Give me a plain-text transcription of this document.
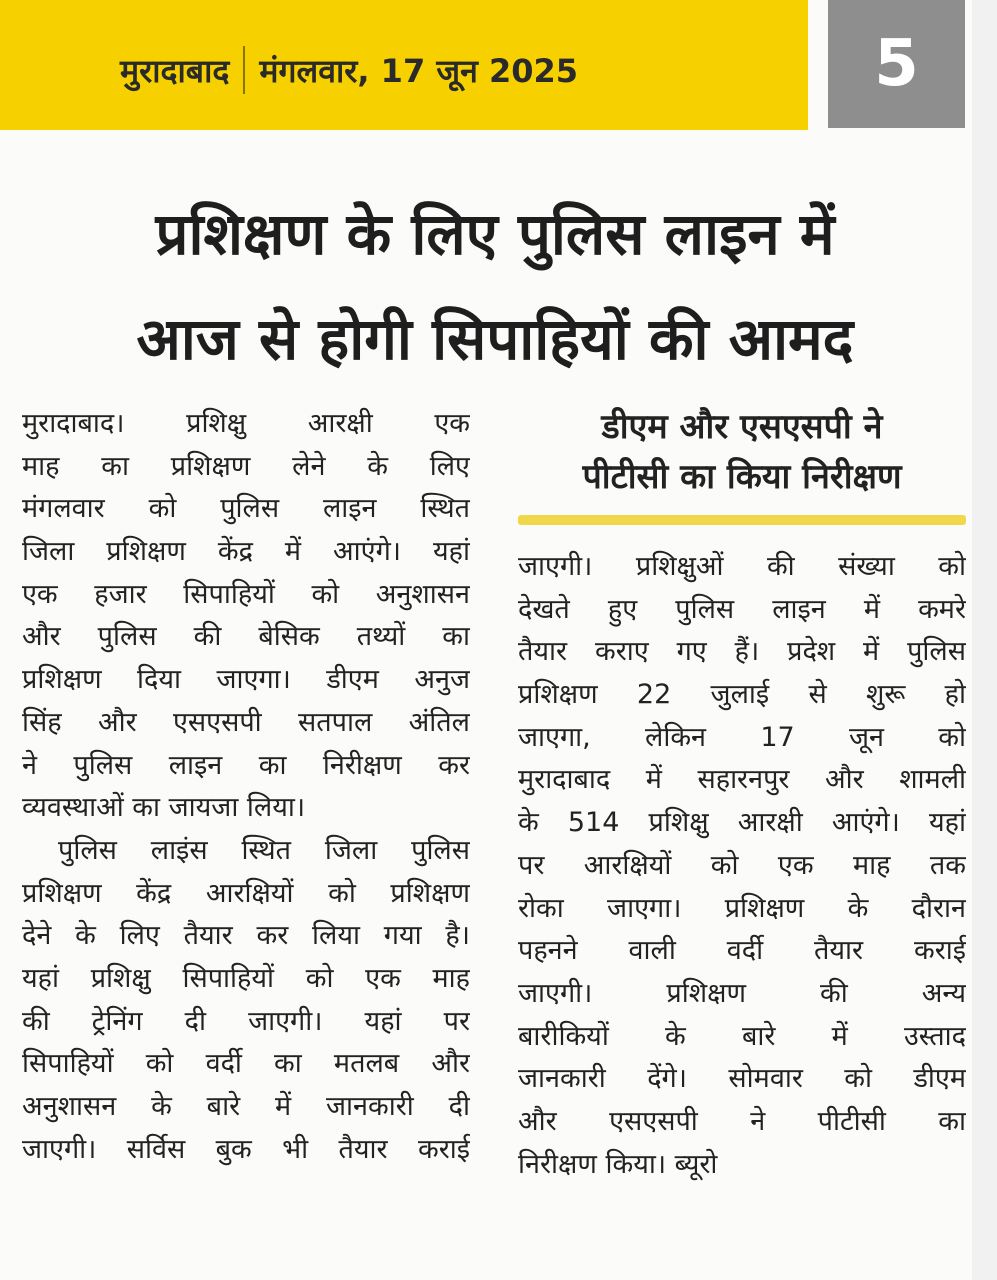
मुरादाबाद मंगलवार, 17 जून 2025	5
प्रशिक्षण के लिए पुलिस लाइन में
आज से होगी सिपाहियों की आमद
मुरादाबाद। प्रशिक्षु आरक्षी एक
माह का प्रशिक्षण लेने के लिए
मंगलवार को पुलिस लाइन स्थित
जिला प्रशिक्षण केंद्र में आएंगे। यहां
एक हजार सिपाहियों को अनुशासन
और पुलिस की बेसिक तथ्यों का
प्रशिक्षण दिया जाएगा। डीएम अनुज
सिंह और एसएसपी सतपाल अंतिल
ने पुलिस लाइन का निरीक्षण कर
व्यवस्थाओं का जायजा लिया।
पुलिस लाइंस स्थित जिला पुलिस
प्रशिक्षण केंद्र आरक्षियों को प्रशिक्षण
देने के लिए तैयार कर लिया गया है।
यहां प्रशिक्षु सिपाहियों को एक माह
की ट्रेनिंग दी जाएगी। यहां पर
सिपाहियों को वर्दी का मतलब और
अनुशासन के बारे में जानकारी दी
जाएगी। सर्विस बुक भी तैयार कराई
डीएम और एसएसपी ने
पीटीसी का किया निरीक्षण
जाएगी। प्रशिक्षुओं की संख्या को
देखते हुए पुलिस लाइन में कमरे
तैयार कराए गए हैं। प्रदेश में पुलिस
प्रशिक्षण 22 जुलाई से शुरू हो
जाएगा, लेकिन 17 जून को
मुरादाबाद में सहारनपुर और शामली
के 514 प्रशिक्षु आरक्षी आएंगे। यहां
पर आरक्षियों को एक माह तक
रोका जाएगा। प्रशिक्षण के दौरान
पहनने वाली वर्दी तैयार कराई
जाएगी। प्रशिक्षण की अन्य
बारीकियों के बारे में उस्ताद
जानकारी देंगे। सोमवार को डीएम
और एसएसपी ने पीटीसी का
निरीक्षण किया। ब्यूरो
